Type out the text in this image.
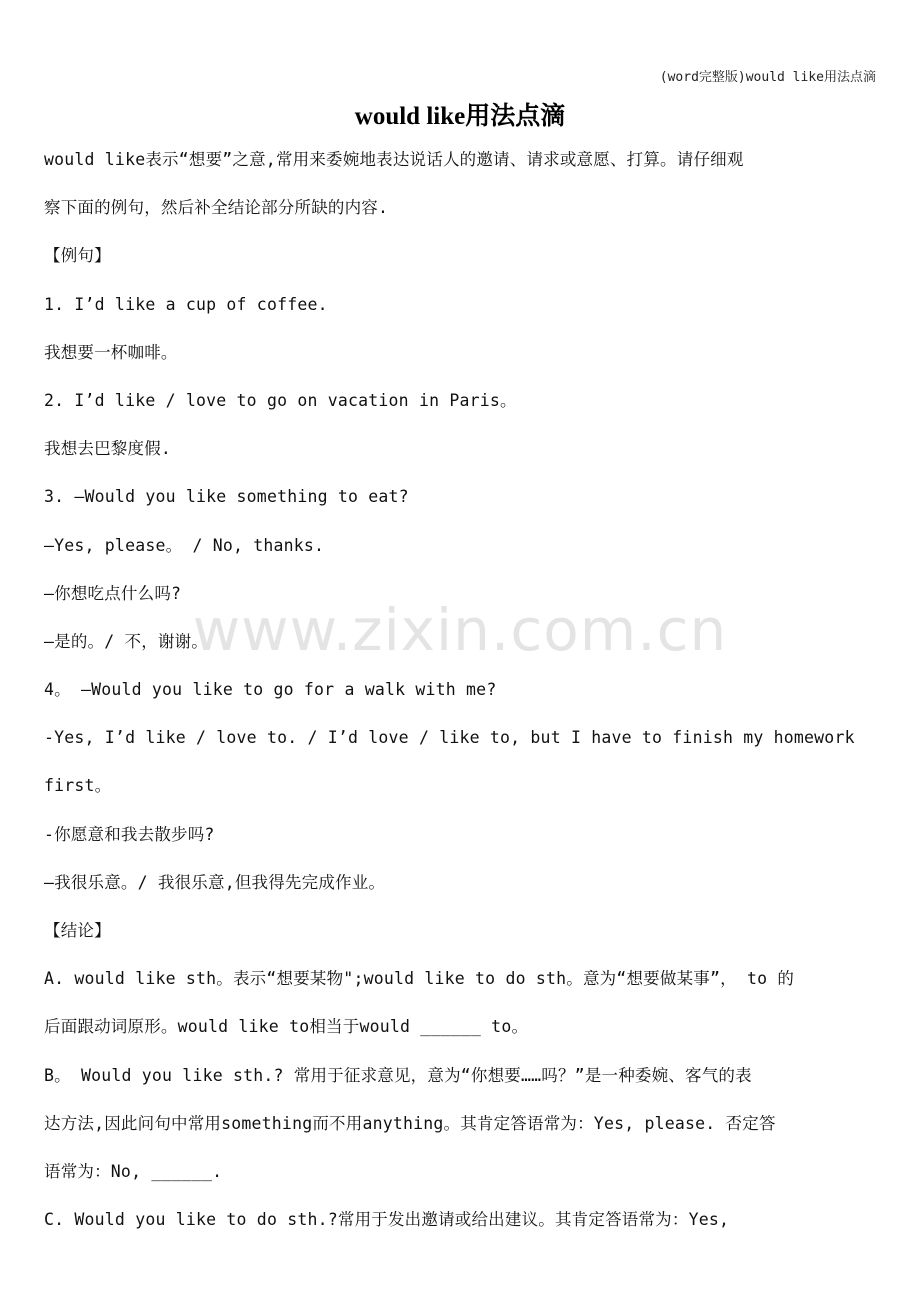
(word完整版)would like用法点滴
would like用法点滴
www.zixin.com.cn
would like表示“想要”之意,常用来委婉地表达说话人的邀请、请求或意愿、打算。请仔细观
察下面的例句，然后补全结论部分所缺的内容.
【例句】
1. I’d like a cup of coffee.
我想要一杯咖啡。
2. I’d like / love to go on vacation in Paris。
我想去巴黎度假.
3. —Would you like something to eat?
—Yes, please。 / No, thanks.
—你想吃点什么吗?
—是的。/ 不，谢谢。
4。 —Would you like to go for a walk with me?
-Yes, I’d like / love to. / I’d love / like to, but I have to finish my homework
first。
-你愿意和我去散步吗?
—我很乐意。/ 我很乐意,但我得先完成作业。
【结论】
A. would like sth。表示“想要某物";would like to do sth。意为“想要做某事”， to 的
后面跟动词原形。would like to相当于would ______ to。
B。 Would you like sth.? 常用于征求意见，意为“你想要……吗？”是一种委婉、客气的表
达方法,因此问句中常用something而不用anything。其肯定答语常为：Yes, please. 否定答
语常为：No, ______.
C. Would you like to do sth.?常用于发出邀请或给出建议。其肯定答语常为：Yes,
